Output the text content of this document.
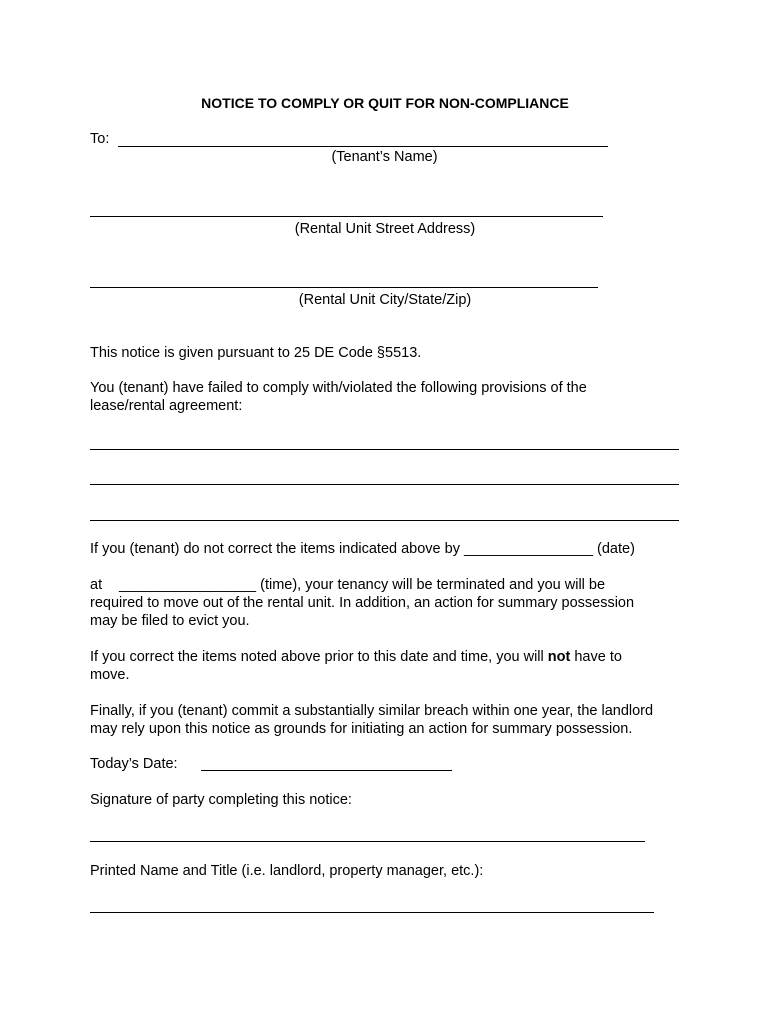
NOTICE TO COMPLY OR QUIT FOR NON-COMPLIANCE
To:
(Tenant’s Name)
(Rental Unit Street Address)
(Rental Unit City/State/Zip)
This notice is given pursuant to 25 DE Code §5513.
You (tenant) have failed to comply with/violated the following provisions of the
lease/rental agreement:
If you (tenant) do not correct the items indicated above by ________________ (date)
at _________________ (time), your tenancy will be terminated and you will be
required to move out of the rental unit. In addition, an action for summary possession
may be filed to evict you.
If you correct the items noted above prior to this date and time, you will not have to
move.
Finally, if you (tenant) commit a substantially similar breach within one year, the landlord
may rely upon this notice as grounds for initiating an action for summary possession.
Today’s Date:
Signature of party completing this notice:
Printed Name and Title (i.e. landlord, property manager, etc.):
